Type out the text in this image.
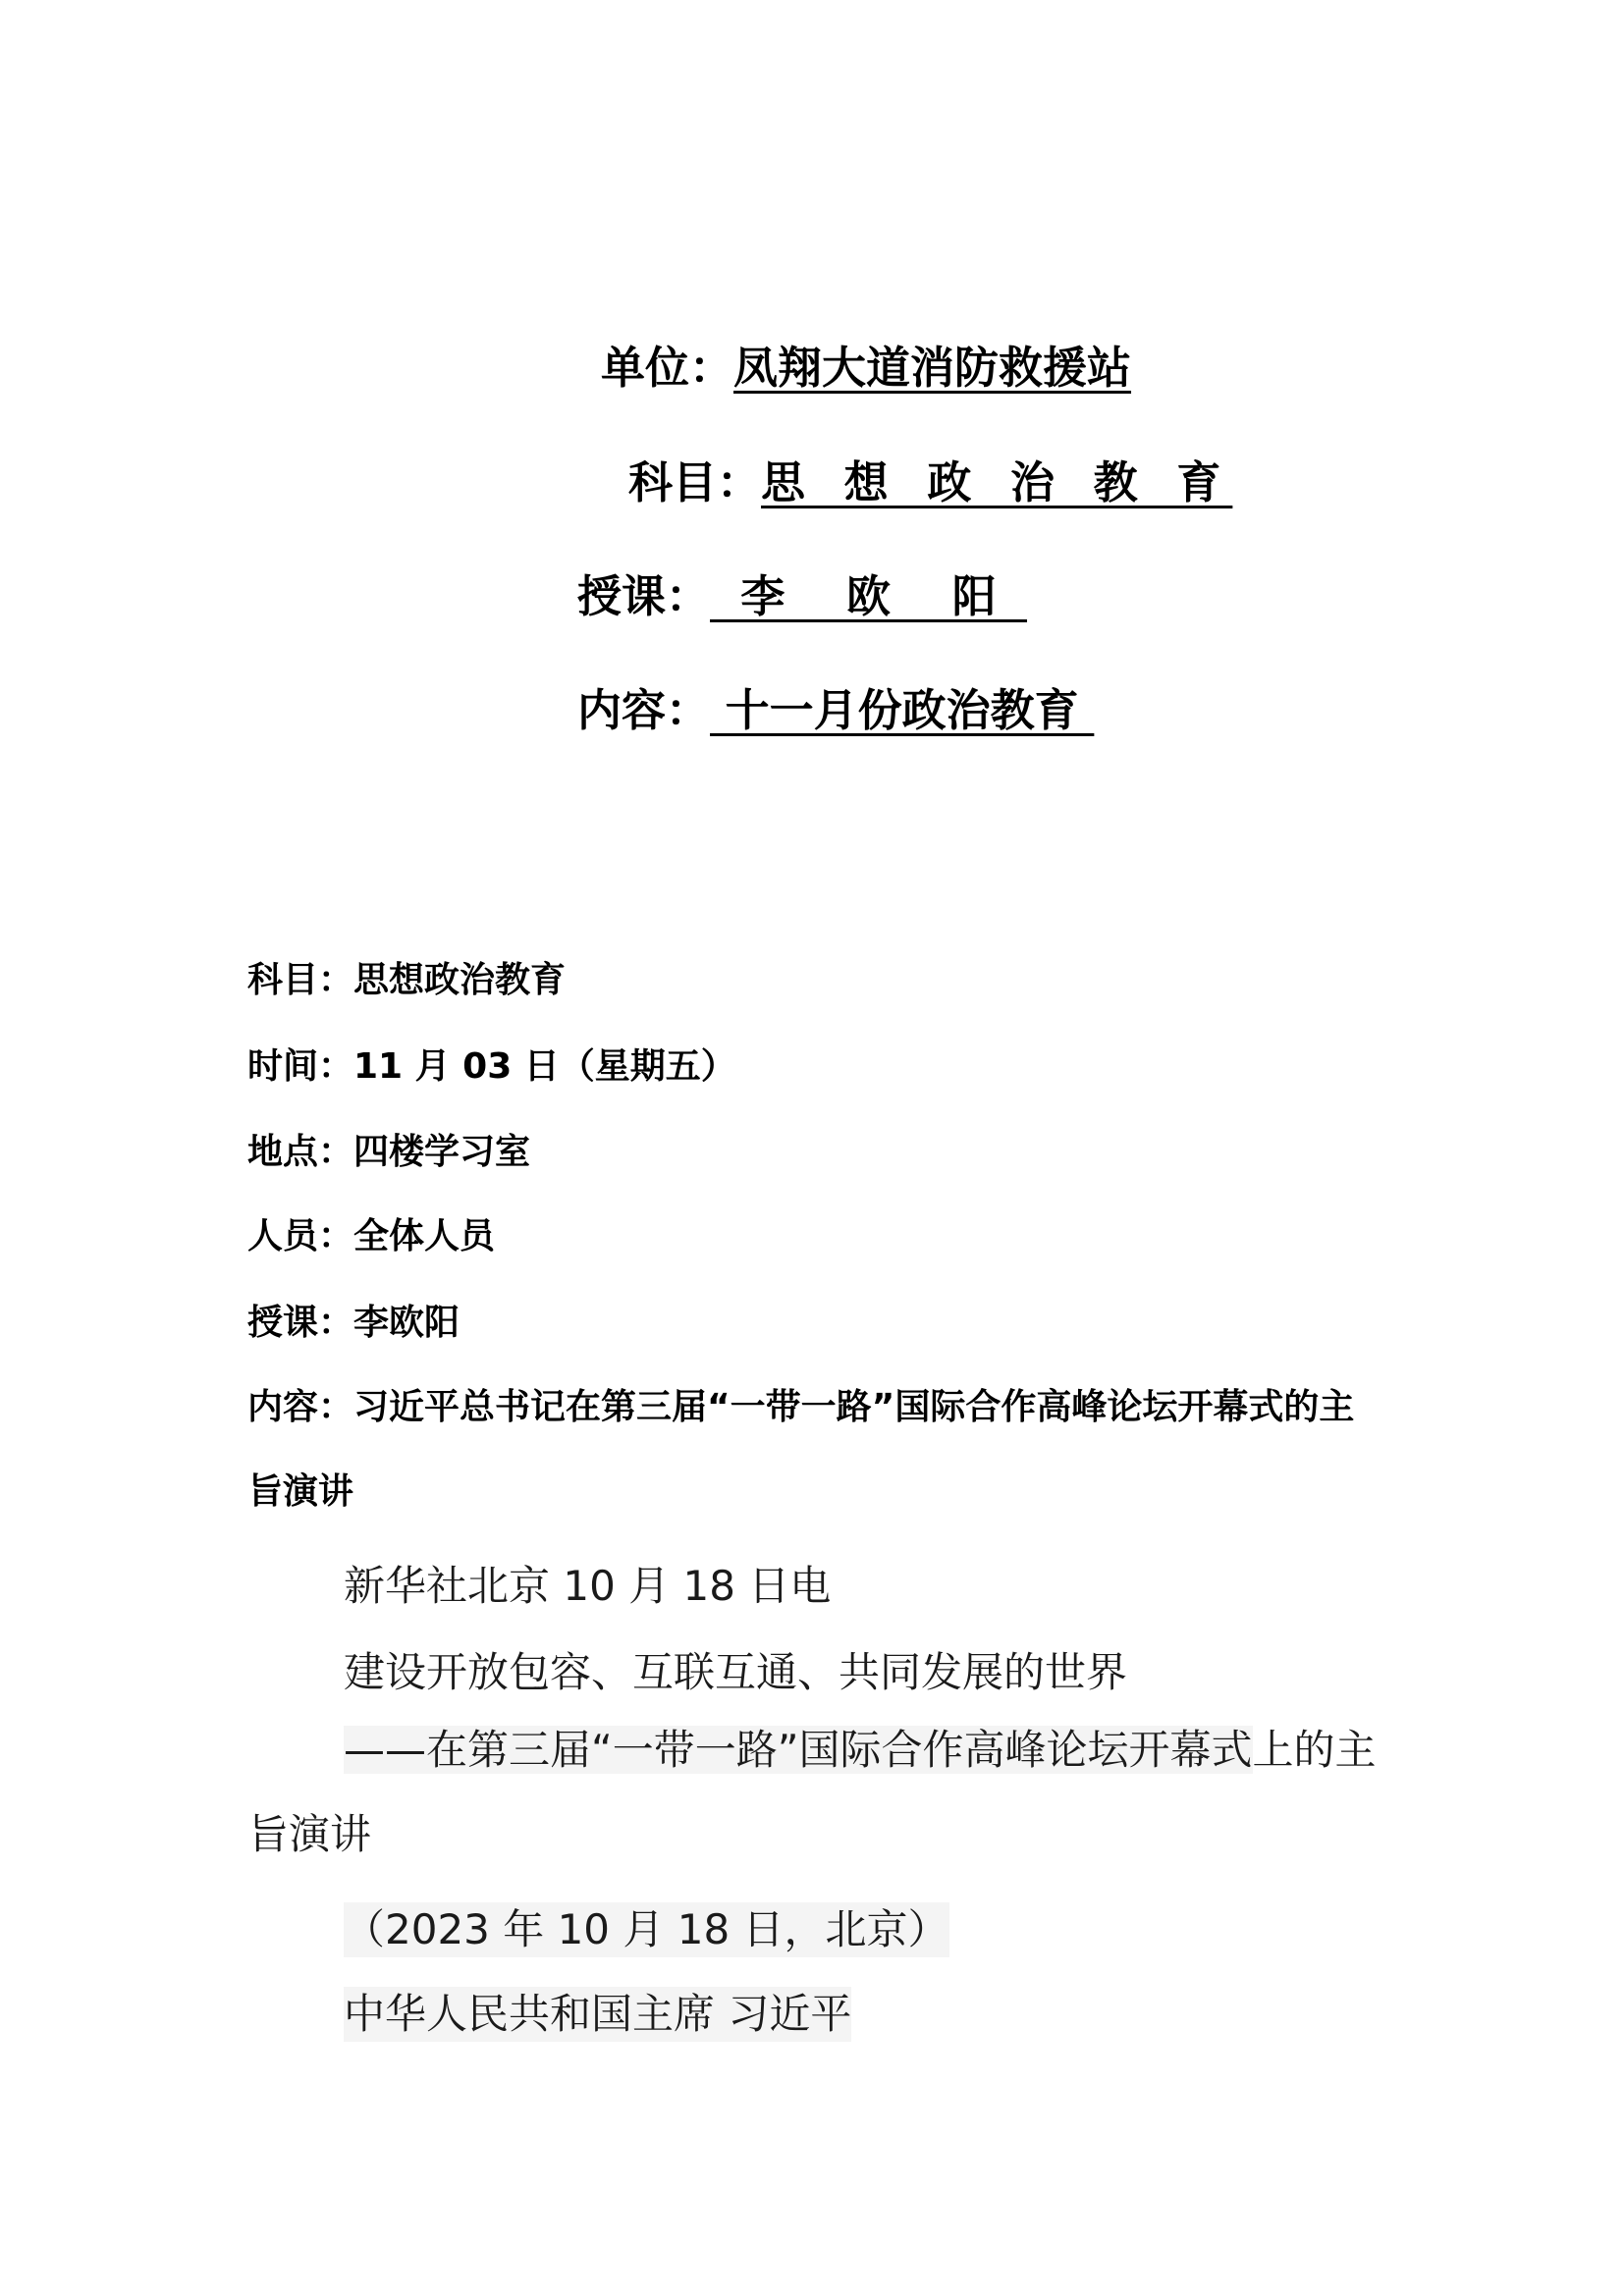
单位：凤翔大道消防救援站
科目：思 想 政 治 教 育
授课：  李    欧    阳
内容： 十一月份政治教育
科目：思想政治教育
时间：11 月 03 日（星期五）
地点：四楼学习室
人员：全体人员
授课：李欧阳
内容：习近平总书记在第三届“一带一路”国际合作高峰论坛开幕式的主旨演讲
新华社北京 10 月 18 日电
建设开放包容、互联互通、共同发展的世界
——在第三届“一带一路”国际合作高峰论坛开幕式上的主旨演讲
（2023 年 10 月 18 日，北京）
中华人民共和国主席 习近平
